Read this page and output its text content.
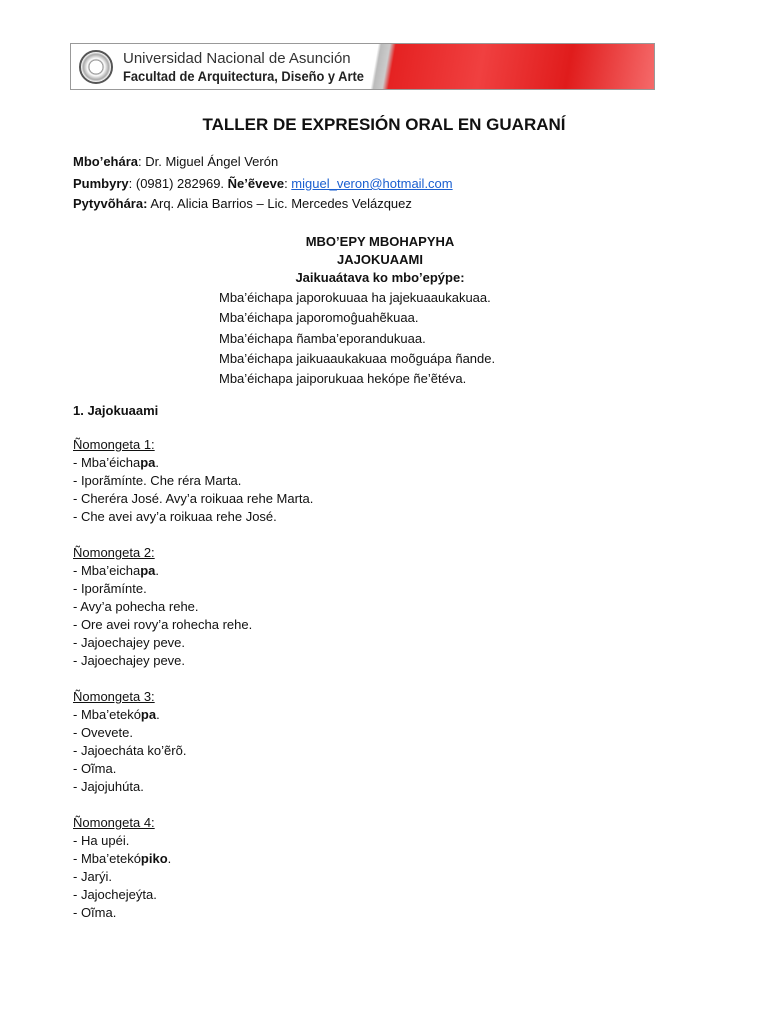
Universidad Nacional de Asunción
Facultad de Arquitectura, Diseño y Arte
TALLER DE EXPRESIÓN ORAL EN GUARANÍ
Mbo’ehára: Dr. Miguel Ángel Verón
Pumbyry: (0981) 282969. Ñe’ẽveve: miguel_veron@hotmail.com
Pytyvõhára: Arq. Alicia Barrios – Lic. Mercedes Velázquez
MBO’EPY MBOHAPYHA
JAJOKUAAMI
Jaikuaátava ko mbo’epýpe:
Mba’éichapa japorokuuaa ha jajekuaaukakuaa.
Mba’éichapa japoromoĝuahẽkuaa.
Mba’éichapa ñamba’eporandukuaa.
Mba’éichapa jaikuaaukakuaa moõguápa ñande.
Mba’éichapa jaiporukuaa hekópe ñe’ẽtéva.
1. Jajokuaami
Ñomongeta 1:
- Mba’éichapa.
- Iporãmínte. Che réra Marta.
- Cheréra José. Avy’a roikuaa rehe Marta.
- Che avei avy’a roikuaa rehe José.
Ñomongeta 2:
- Mba’eichapa.
- Iporãmínte.
- Avy’a pohecha rehe.
- Ore avei rovy’a rohecha rehe.
- Jajoechajey peve.
- Jajoechajey peve.
Ñomongeta 3:
- Mba’etekópa.
- Ovevete.
- Jajoecháta ko’ẽrõ.
- Oĩma.
- Jajojuhúta.
Ñomongeta 4:
- Ha upéi.
- Mba’etekópiko.
- Jarýi.
- Jajochejeýta.
- Oĩma.
